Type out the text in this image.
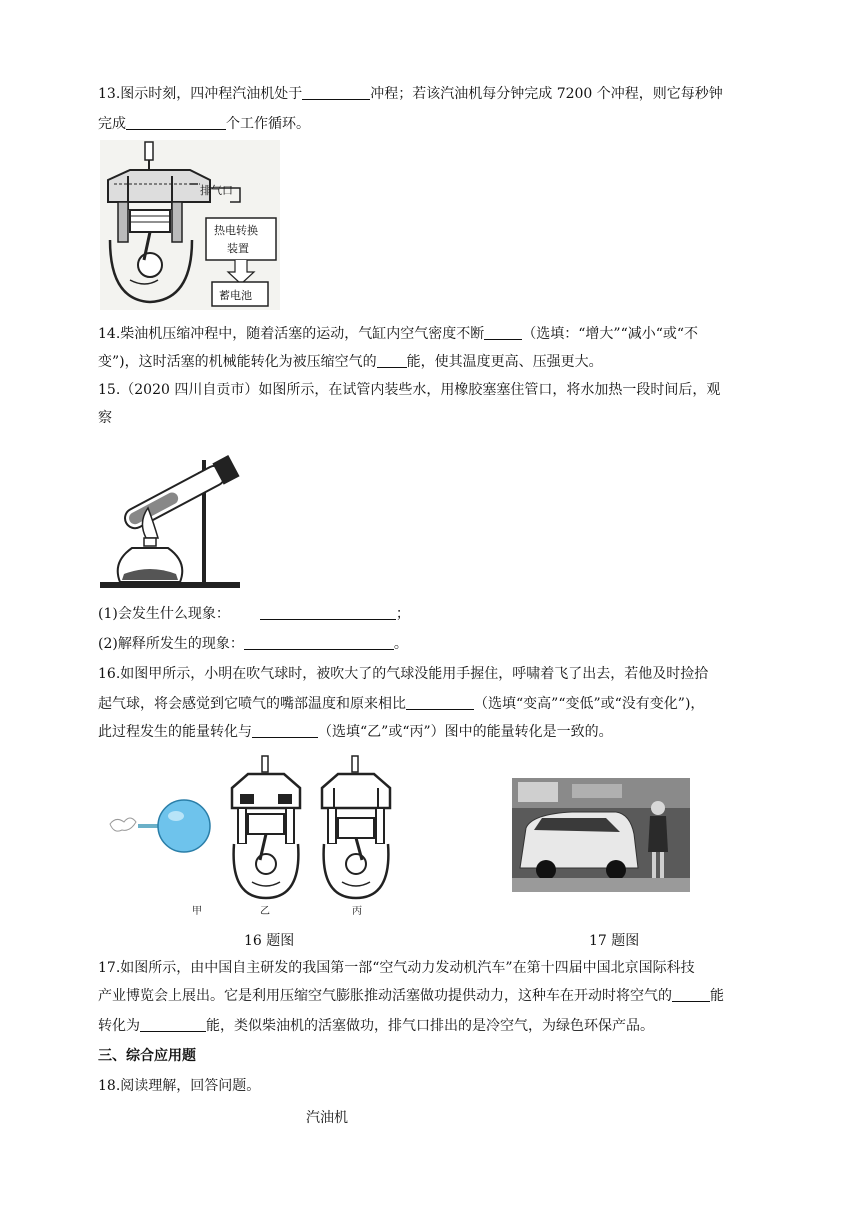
13.图示时刻，四冲程汽油机处于	冲程；若该汽油机每分钟完成 7200 个冲程，则它每秒钟
完成	个工作循环。
排气口
热电转换
装置
蓄电池
14.柴油机压缩冲程中，随着活塞的运动，气缸内空气密度不断	（选填：“增大”“减小“或“不
变”)，这时活塞的机械能转化为被压缩空气的 能，使其温度更高、压强更大。
15.（2020 四川自贡市）如图所示，在试管内装些水，用橡胶塞塞住管口，将水加热一段时间后，观
察
(1)会发生什么现象：	；
(2)解释所发生的现象：	。
16.如图甲所示，小明在吹气球时，被吹大了的气球没能用手握住，呼啸着飞了出去，若他及时捡拾
起气球，将会感觉到它喷气的嘴部温度和原来相比	（选填“变高”“变低”或“没有变化”)，
此过程发生的能量转化与	（选填“乙”或“丙”）图中的能量转化是一致的。
甲	乙	丙
16 题图	17 题图
17.如图所示，由中国自主研发的我国第一部“空气动力发动机汽车”在第十四届中国北京国际科技
产业博览会上展出。它是利用压缩空气膨胀推动活塞做功提供动力，这种车在开动时将空气的	能
转化为	能，类似柴油机的活塞做功，排气口排出的是冷空气，为绿色环保产品。
三、综合应用题
18.阅读理解，回答问题。
汽油机
